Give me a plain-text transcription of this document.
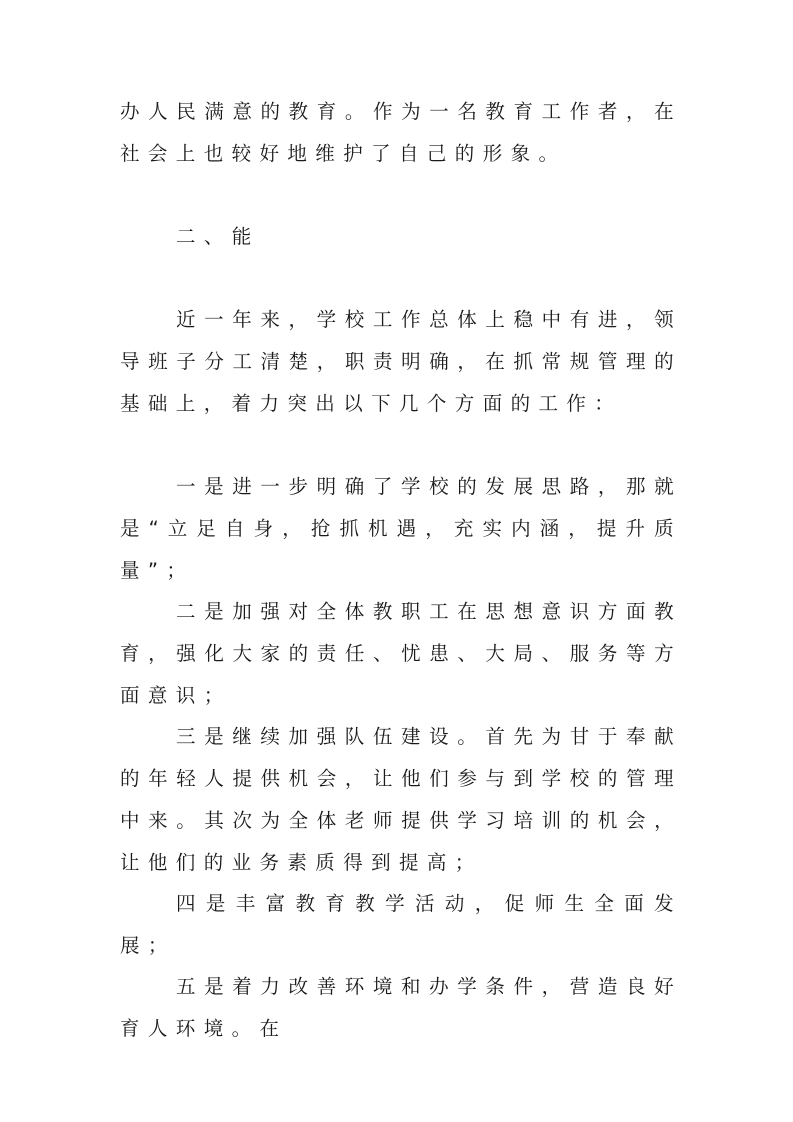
办人民满意的教育。作为一名教育工作者，在社会上也较好地维护了自己的形象。

二、能

近一年来，学校工作总体上稳中有进，领导班子分工清楚，职责明确，在抓常规管理的基础上，着力突出以下几个方面的工作：

一是进一步明确了学校的发展思路，那就是“立足自身，抢抓机遇，充实内涵，提升质量”；

二是加强对全体教职工在思想意识方面教育，强化大家的责任、忧患、大局、服务等方面意识；

三是继续加强队伍建设。首先为甘于奉献的年轻人提供机会，让他们参与到学校的管理中来。其次为全体老师提供学习培训的机会，让他们的业务素质得到提高；

四是丰富教育教学活动，促师生全面发展；

五是着力改善环境和办学条件，营造良好育人环境。在
